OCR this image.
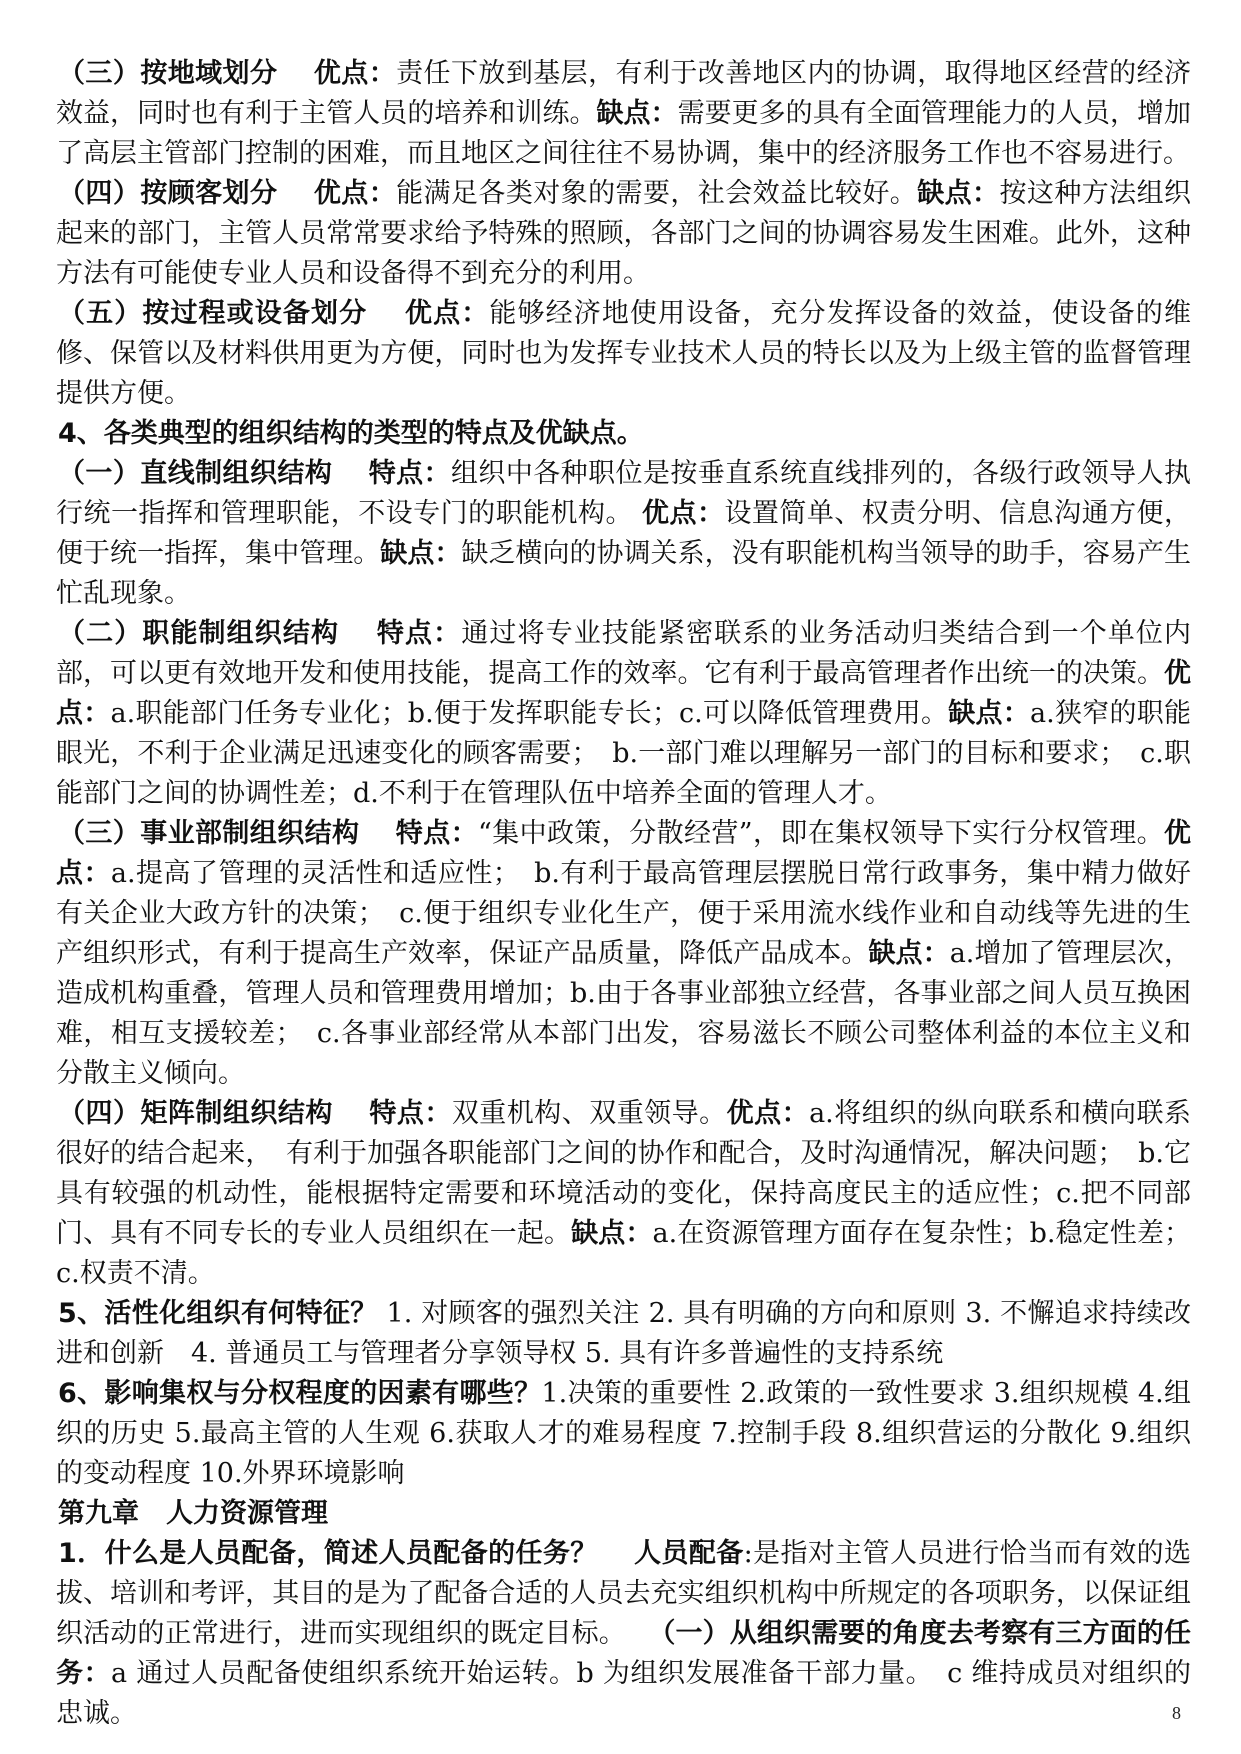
（三）按地域划分　 优点：责任下放到基层，有利于改善地区内的协调，取得地区经营的经济效益，同时也有利于主管人员的培养和训练。缺点：需要更多的具有全面管理能力的人员，增加了高层主管部门控制的困难，而且地区之间往往不易协调，集中的经济服务工作也不容易进行。

（四）按顾客划分　 优点：能满足各类对象的需要，社会效益比较好。缺点：按这种方法组织起来的部门，主管人员常常要求给予特殊的照顾，各部门之间的协调容易发生困难。此外，这种方法有可能使专业人员和设备得不到充分的利用。

（五）按过程或设备划分　 优点：能够经济地使用设备，充分发挥设备的效益，使设备的维修、保管以及材料供用更为方便，同时也为发挥专业技术人员的特长以及为上级主管的监督管理提供方便。

4、各类典型的组织结构的类型的特点及优缺点。

（一）直线制组织结构　 特点：组织中各种职位是按垂直系统直线排列的，各级行政领导人执行统一指挥和管理职能，不设专门的职能机构。 优点：设置简单、权责分明、信息沟通方便，便于统一指挥，集中管理。缺点：缺乏横向的协调关系，没有职能机构当领导的助手，容易产生忙乱现象。

（二）职能制组织结构　 特点：通过将专业技能紧密联系的业务活动归类结合到一个单位内部，可以更有效地开发和使用技能，提高工作的效率。它有利于最高管理者作出统一的决策。优点：a.职能部门任务专业化；b.便于发挥职能专长；c.可以降低管理费用。缺点：a.狭窄的职能眼光，不利于企业满足迅速变化的顾客需要；　b.一部门难以理解另一部门的目标和要求；　c.职能部门之间的协调性差；d.不利于在管理队伍中培养全面的管理人才。

（三）事业部制组织结构　 特点：“集中政策，分散经营”，即在集权领导下实行分权管理。优点：a.提高了管理的灵活性和适应性；　b.有利于最高管理层摆脱日常行政事务，集中精力做好有关企业大政方针的决策；　c.便于组织专业化生产，便于采用流水线作业和自动线等先进的生产组织形式，有利于提高生产效率，保证产品质量，降低产品成本。缺点：a.增加了管理层次，造成机构重叠，管理人员和管理费用增加；b.由于各事业部独立经营，各事业部之间人员互换困难，相互支援较差；　c.各事业部经常从本部门出发，容易滋长不顾公司整体利益的本位主义和分散主义倾向。

（四）矩阵制组织结构　 特点：双重机构、双重领导。优点：a.将组织的纵向联系和横向联系很好的结合起来，　有利于加强各职能部门之间的协作和配合，及时沟通情况，解决问题；　b.它具有较强的机动性，能根据特定需要和环境活动的变化，保持高度民主的适应性；c.把不同部门、具有不同专长的专业人员组织在一起。缺点：a.在资源管理方面存在复杂性；b.稳定性差；c.权责不清。

5、活性化组织有何特征？ 1. 对顾客的强烈关注 2. 具有明确的方向和原则 3. 不懈追求持续改进和创新　4. 普通员工与管理者分享领导权 5. 具有许多普遍性的支持系统

6、影响集权与分权程度的因素有哪些？1.决策的重要性 2.政策的一致性要求 3.组织规模 4.组织的历史 5.最高主管的人生观 6.获取人才的难易程度 7.控制手段 8.组织营运的分散化 9.组织的变动程度 10.外界环境影响

第九章　人力资源管理

1．什么是人员配备，简述人员配备的任务？　 人员配备:是指对主管人员进行恰当而有效的选拔、培训和考评，其目的是为了配备合适的人员去充实组织机构中所规定的各项职务，以保证组织活动的正常进行，进而实现组织的既定目标。　 （一）从组织需要的角度去考察有三方面的任务：a 通过人员配备使组织系统开始运转。b 为组织发展准备干部力量。　c 维持成员对组织的忠诚。	8
